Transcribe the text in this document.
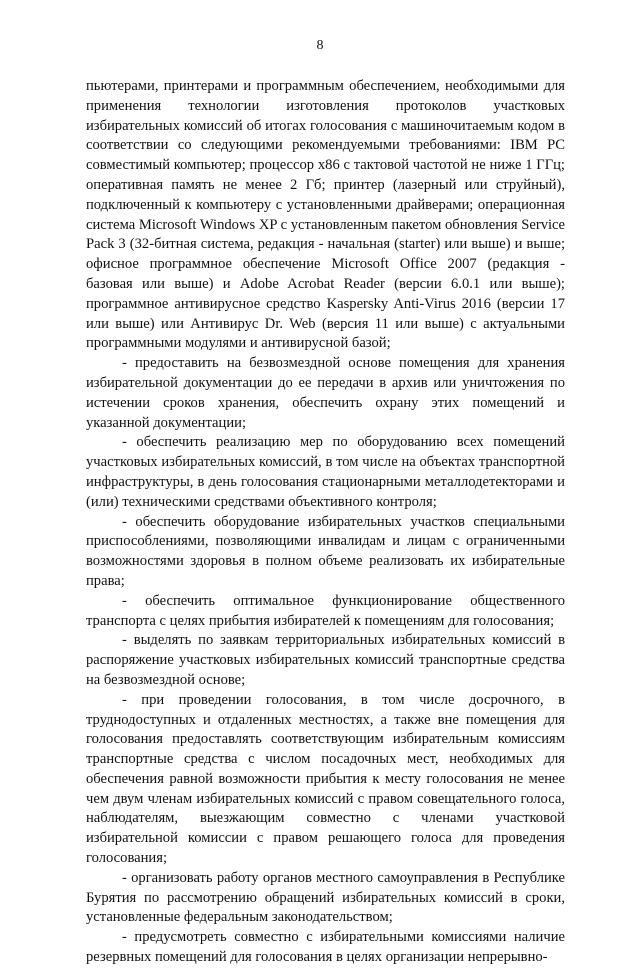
8

пьютерами, принтерами и программным обеспечением, необходимыми для применения технологии изготовления протоколов участковых избирательных комиссий об итогах голосования с машиночитаемым кодом в соответствии со следующими рекомендуемыми требованиями: IBM PC совместимый компьютер; процессор х86 с тактовой частотой не ниже 1 ГГц; оперативная память не менее 2 Гб; принтер (лазерный или струйный), подключенный к компьютеру с установленными драйверами; операционная система Microsoft Windows XP с установленным пакетом обновления Service Pack 3 (32-битная система, редакция - начальная (starter) или выше) и выше; офисное программное обеспечение Microsoft Office 2007 (редакция - базовая или выше) и Adobe Acrobat Reader (версии 6.0.1 или выше); программное антивирусное средство Kaspersky Anti-Virus 2016 (версии 17 или выше) или Антивирус Dr. Web (версия 11 или выше) с актуальными программными модулями и антивирусной базой;

- предоставить на безвозмездной основе помещения для хранения избирательной документации до ее передачи в архив или уничтожения по истечении сроков хранения, обеспечить охрану этих помещений и указанной документации;

- обеспечить реализацию мер по оборудованию всех помещений участковых избирательных комиссий, в том числе на объектах транспортной инфраструктуры, в день голосования стационарными металлодетекторами и (или) техническими средствами объективного контроля;

- обеспечить оборудование избирательных участков специальными приспособлениями, позволяющими инвалидам и лицам с ограниченными возможностями здоровья в полном объеме реализовать их избирательные права;

- обеспечить оптимальное функционирование общественного транспорта с целях прибытия избирателей к помещениям для голосования;

- выделять по заявкам территориальных избирательных комиссий в распоряжение участковых избирательных комиссий транспортные средства на безвозмездной основе;

- при проведении голосования, в том числе досрочного, в труднодоступных и отдаленных местностях, а также вне помещения для голосования предоставлять соответствующим избирательным комиссиям транспортные средства с числом посадочных мест, необходимых для обеспечения равной возможности прибытия к месту голосования не менее чем двум членам избирательных комиссий с правом совещательного голоса, наблюдателям, выезжающим совместно с членами участковой избирательной комиссии с правом решающего голоса для проведения голосования;

- организовать работу органов местного самоуправления в Республике Бурятия по рассмотрению обращений избирательных комиссий в сроки, установленные федеральным законодательством;

- предусмотреть совместно с избирательными комиссиями наличие резервных помещений для голосования в целях организации непрерывно-
